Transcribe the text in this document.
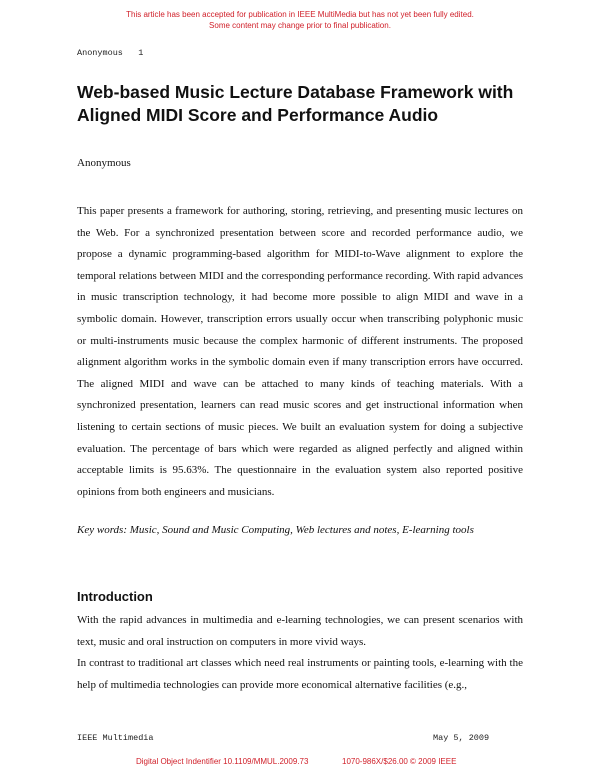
This article has been accepted for publication in IEEE MultiMedia but has not yet been fully edited.
Some content may change prior to final publication.
Anonymous   1
Web-based Music Lecture Database Framework with Aligned MIDI Score and Performance Audio
Anonymous

This paper presents a framework for authoring, storing, retrieving, and presenting music lectures on the Web. For a synchronized presentation between score and recorded performance audio, we propose a dynamic programming-based algorithm for MIDI-to-Wave alignment to explore the temporal relations between MIDI and the corresponding performance recording. With rapid advances in music transcription technology, it had become more possible to align MIDI and wave in a symbolic domain. However, transcription errors usually occur when transcribing polyphonic music or multi-instruments music because the complex harmonic of different instruments. The proposed alignment algorithm works in the symbolic domain even if many transcription errors have occurred. The aligned MIDI and wave can be attached to many kinds of teaching materials. With a synchronized presentation, learners can read music scores and get instructional information when listening to certain sections of music pieces. We built an evaluation system for doing a subjective evaluation. The percentage of bars which were regarded as aligned perfectly and aligned within acceptable limits is 95.63%. The questionnaire in the evaluation system also reported positive opinions from both engineers and musicians.

Key words: Music, Sound and Music Computing, Web lectures and notes, E-learning tools

Introduction

With the rapid advances in multimedia and e-learning technologies, we can present scenarios with text, music and oral instruction on computers in more vivid ways.

In contrast to traditional art classes which need real instruments or painting tools, e-learning with the help of multimedia technologies can provide more economical alternative facilities (e.g.,

IEEE Multimedia	May 5, 2009
Digital Object Indentifier 10.1109/MMUL.2009.73	1070-986X/$26.00 © 2009 IEEE
